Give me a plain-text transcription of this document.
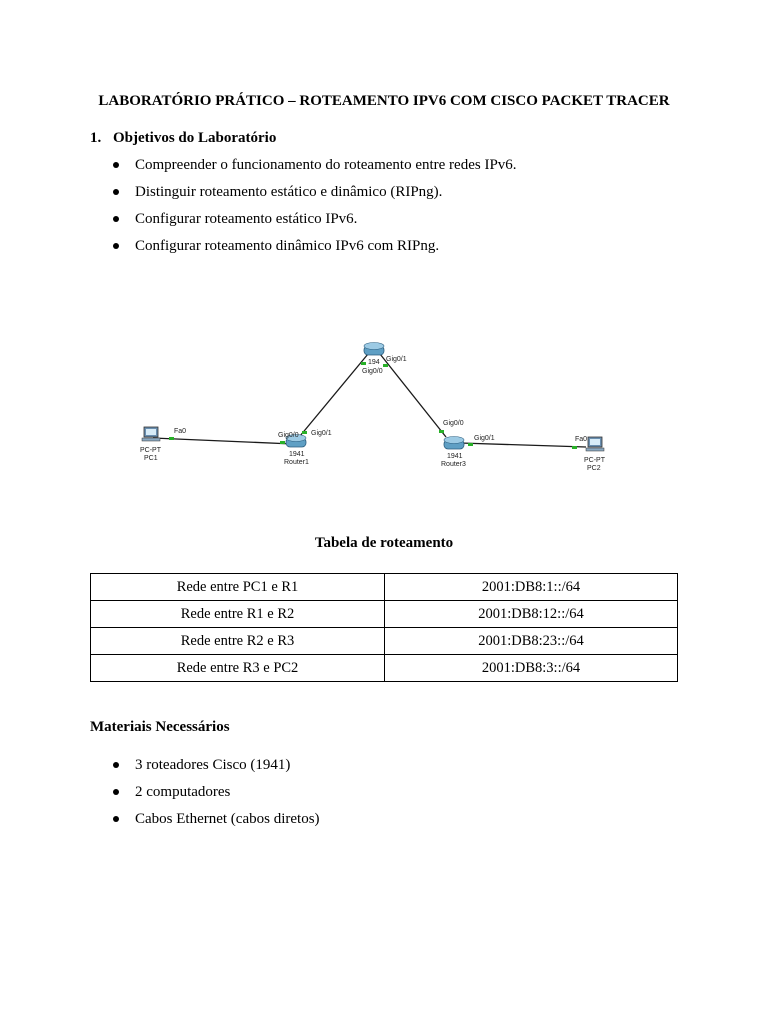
LABORATÓRIO PRÁTICO – ROTEAMENTO IPV6 COM CISCO PACKET TRACER
1. Objetivos do Laboratório
Compreender o funcionamento do roteamento entre redes IPv6.
Distinguir roteamento estático e dinâmico (RIPng).
Configurar roteamento estático IPv6.
Configurar roteamento dinâmico IPv6 com RIPng.
PC-PT
PC1
Fa0
Gig0/0 Gig0/1
1941
Router1
194 Gig0/1
Gig0/0
Gig0/0
Gig0/1
1941
Router3
Fa0
PC-PT
PC2
Tabela de roteamento
Rede entre PC1 e R1	2001:DB8:1::/64
Rede entre R1 e R2	2001:DB8:12::/64
Rede entre R2 e R3	2001:DB8:23::/64
Rede entre R3 e PC2	2001:DB8:3::/64
Materiais Necessários
3 roteadores Cisco (1941)
2 computadores
Cabos Ethernet (cabos diretos)
